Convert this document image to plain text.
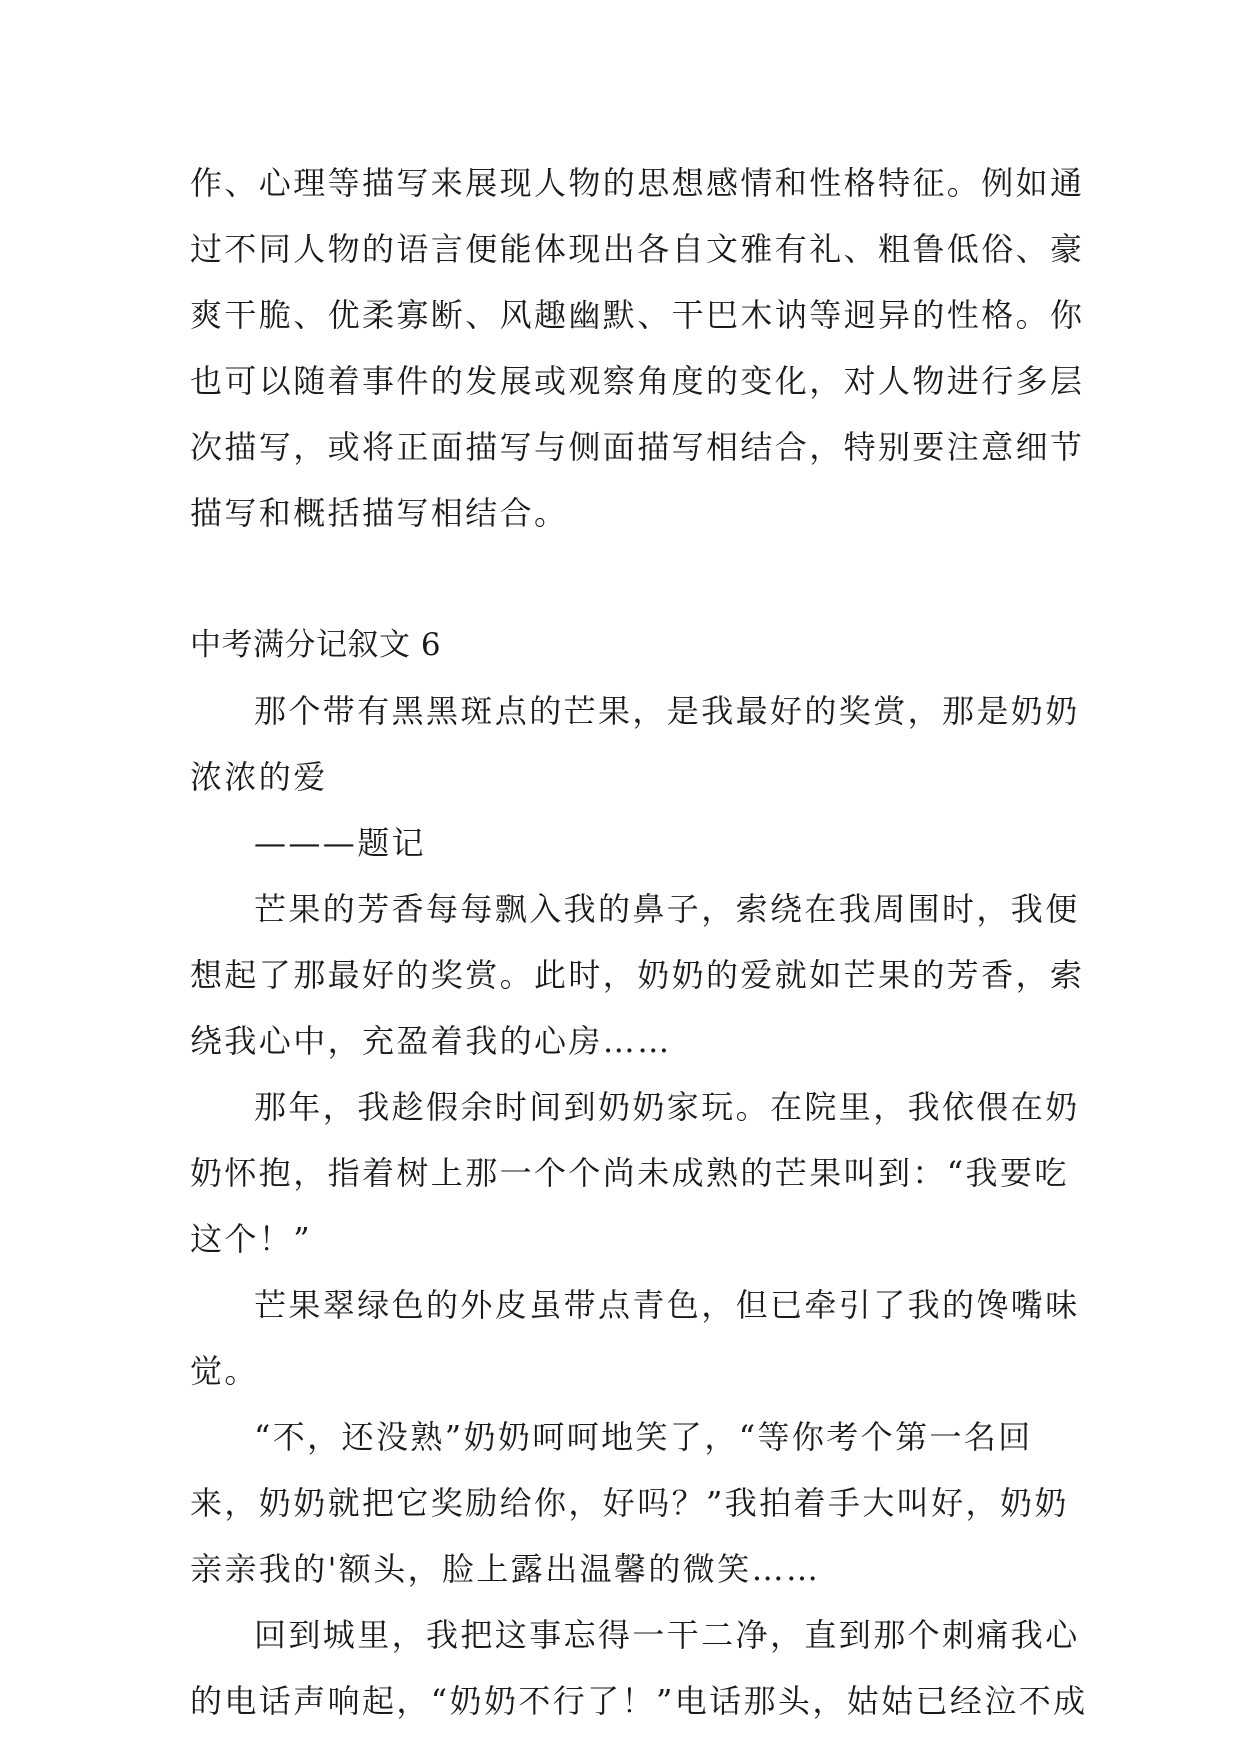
作、心理等描写来展现人物的思想感情和性格特征。例如通
过不同人物的语言便能体现出各自文雅有礼、粗鲁低俗、豪
爽干脆、优柔寡断、风趣幽默、干巴木讷等迥异的性格。你
也可以随着事件的发展或观察角度的变化，对人物进行多层
次描写，或将正面描写与侧面描写相结合，特别要注意细节
描写和概括描写相结合。
中考满分记叙文 6
那个带有黑黑斑点的芒果，是我最好的奖赏，那是奶奶
浓浓的爱
———题记
芒果的芳香每每飘入我的鼻子，索绕在我周围时，我便
想起了那最好的奖赏。此时，奶奶的爱就如芒果的芳香，索
绕我心中，充盈着我的心房……
那年，我趁假余时间到奶奶家玩。在院里，我依偎在奶
奶怀抱，指着树上那一个个尚未成熟的芒果叫到：“我要吃
这个！”
芒果翠绿色的外皮虽带点青色，但已牵引了我的馋嘴味
觉。
“不，还没熟”奶奶呵呵地笑了，“等你考个第一名回
来，奶奶就把它奖励给你，好吗？”我拍着手大叫好，奶奶
亲亲我的'额头，脸上露出温馨的微笑……
回到城里，我把这事忘得一干二净，直到那个刺痛我心
的电话声响起，“奶奶不行了！”电话那头，姑姑已经泣不成
